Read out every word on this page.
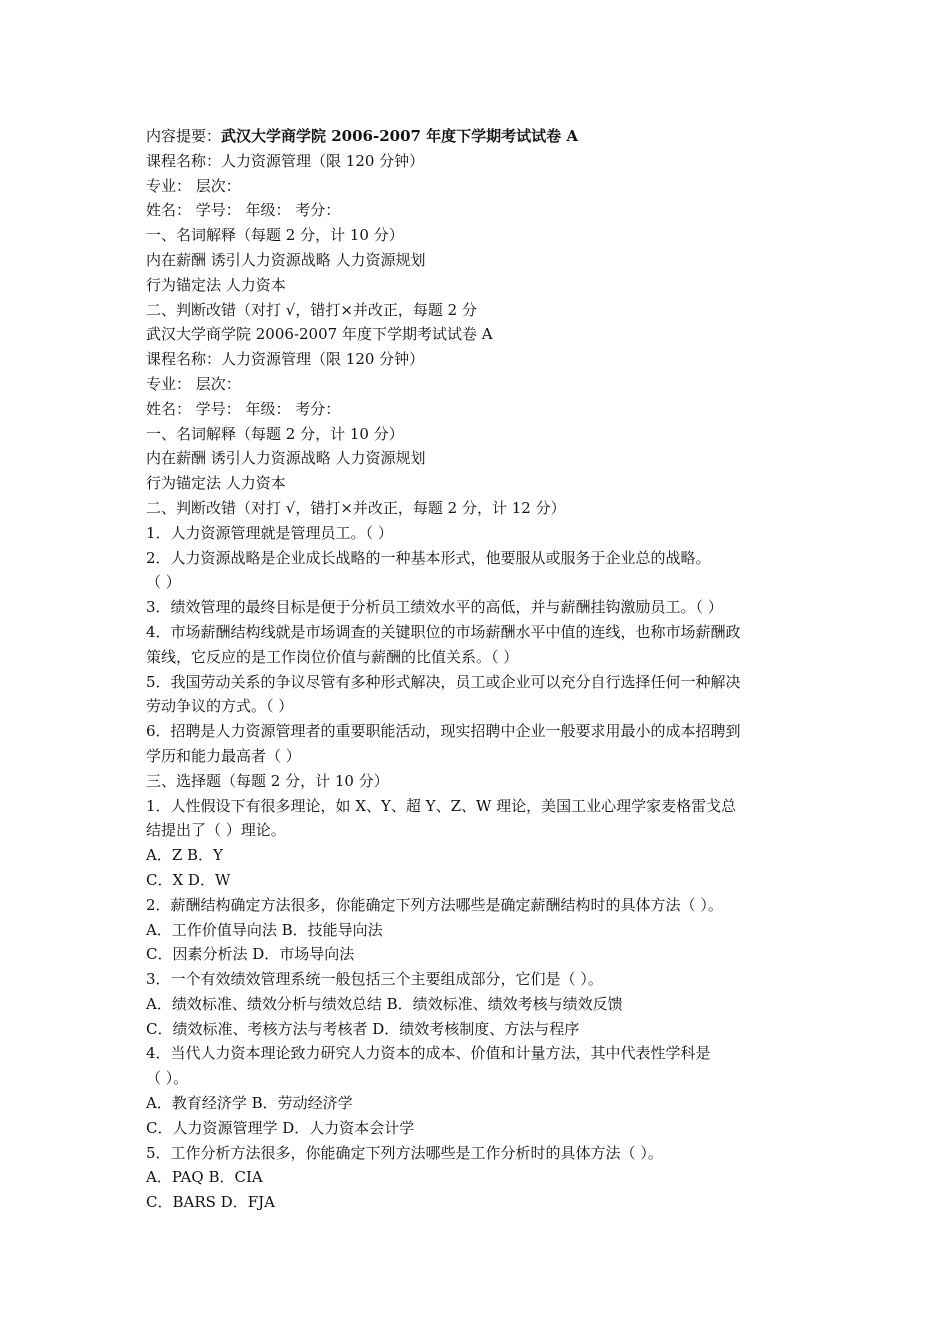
内容提要：武汉大学商学院 2006-2007 年度下学期考试试卷 A

课程名称：人力资源管理（限 120 分钟）

专业： 层次：

姓名： 学号： 年级： 考分：

一、名词解释（每题 2 分，计 10 分）

内在薪酬 诱引人力资源战略 人力资源规划

行为锚定法 人力资本

二、判断改错（对打 √，错打×并改正，每题 2 分

武汉大学商学院 2006-2007 年度下学期考试试卷 A

课程名称：人力资源管理（限 120 分钟）

专业： 层次：

姓名： 学号： 年级： 考分：

一、名词解释（每题 2 分，计 10 分）

内在薪酬 诱引人力资源战略 人力资源规划

行为锚定法 人力资本

二、判断改错（对打 √，错打×并改正，每题 2 分，计 12 分）

1．人力资源管理就是管理员工。（ ）

2．人力资源战略是企业成长战略的一种基本形式，他要服从或服务于企业总的战略。

（ ）

3．绩效管理的最终目标是便于分析员工绩效水平的高低，并与薪酬挂钩激励员工。（ ）

4．市场薪酬结构线就是市场调查的关键职位的市场薪酬水平中值的连线，也称市场薪酬政

策线，它反应的是工作岗位价值与薪酬的比值关系。（ ）

5．我国劳动关系的争议尽管有多种形式解决，员工或企业可以充分自行选择任何一种解决

劳动争议的方式。（ ）

6．招聘是人力资源管理者的重要职能活动，现实招聘中企业一般要求用最小的成本招聘到

学历和能力最高者（ ）

三、选择题（每题 2 分，计 10 分）

1．人性假设下有很多理论，如 X、Y、超 Y、Z、W 理论，美国工业心理学家麦格雷戈总

结提出了（ ）理论。

A．Z B．Y

C．X D．W

2．薪酬结构确定方法很多，你能确定下列方法哪些是确定薪酬结构时的具体方法（ ）。

A．工作价值导向法 B．技能导向法

C．因素分析法 D．市场导向法

3．一个有效绩效管理系统一般包括三个主要组成部分，它们是（ ）。

A．绩效标准、绩效分析与绩效总结 B．绩效标准、绩效考核与绩效反馈

C．绩效标准、考核方法与考核者 D．绩效考核制度、方法与程序

4．当代人力资本理论致力研究人力资本的成本、价值和计量方法，其中代表性学科是

（ ）。

A．教育经济学 B．劳动经济学

C．人力资源管理学 D．人力资本会计学

5．工作分析方法很多，你能确定下列方法哪些是工作分析时的具体方法（ ）。

A．PAQ B．CIA

C．BARS D．FJA
